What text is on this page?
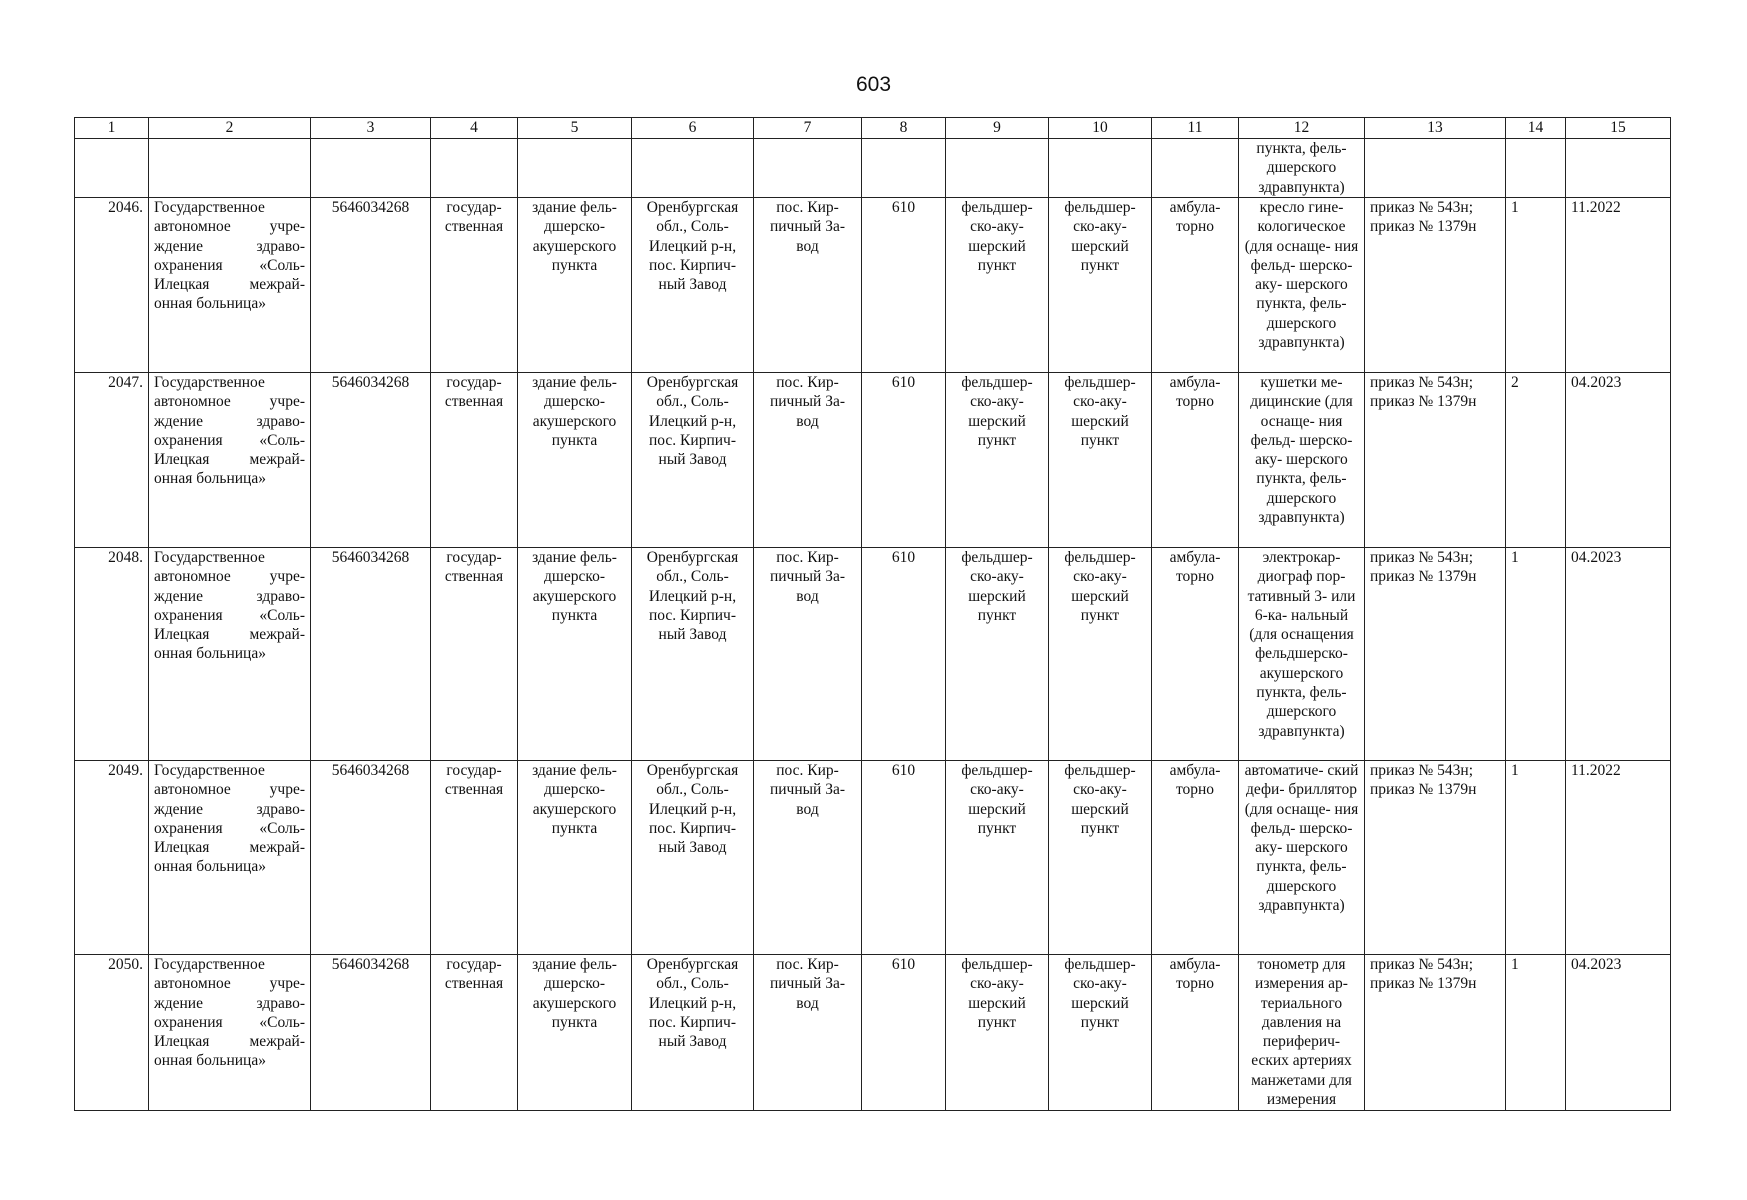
603
1	2	3	4	5	6	7	8	9	10	11	12	13	14	15
											пункта, фель- дшерского здравпункта)			
2046.	Государственное автономное учре-ждение здраво-охранения «Соль-Илецкая межрай-онная больница»	5646034268	государ- ственная	здание фель- дшерско- акушерского пункта	Оренбургская обл., Соль- Илецкий р-н, пос. Кирпич- ный Завод	пос. Кир- пичный За- вод	610	фельдшер- ско-аку- шерский пункт	фельдшер- ско-аку- шерский пункт	амбула- торно	кресло гине- кологическое (для оснаще- ния фельд- шерско-аку- шерского пункта, фель- дшерского здравпункта)	приказ № 543н; приказ № 1379н	1	11.2022
2047.	Государственное автономное учре-ждение здраво-охранения «Соль-Илецкая межрай-онная больница»	5646034268	государ- ственная	здание фель- дшерско- акушерского пункта	Оренбургская обл., Соль- Илецкий р-н, пос. Кирпич- ный Завод	пос. Кир- пичный За- вод	610	фельдшер- ско-аку- шерский пункт	фельдшер- ско-аку- шерский пункт	амбула- торно	кушетки ме- дицинские (для оснаще- ния фельд- шерско-аку- шерского пункта, фель- дшерского здравпункта)	приказ № 543н; приказ № 1379н	2	04.2023
2048.	Государственное автономное учре-ждение здраво-охранения «Соль-Илецкая межрай-онная больница»	5646034268	государ- ственная	здание фель- дшерско- акушерского пункта	Оренбургская обл., Соль- Илецкий р-н, пос. Кирпич- ный Завод	пос. Кир- пичный За- вод	610	фельдшер- ско-аку- шерский пункт	фельдшер- ско-аку- шерский пункт	амбула- торно	электрокар- диограф пор- тативный 3- или 6-ка- нальный (для оснащения фельдшерско- акушерского пункта, фель- дшерского здравпункта)	приказ № 543н; приказ № 1379н	1	04.2023
2049.	Государственное автономное учре-ждение здраво-охранения «Соль-Илецкая межрай-онная больница»	5646034268	государ- ственная	здание фель- дшерско- акушерского пункта	Оренбургская обл., Соль- Илецкий р-н, пос. Кирпич- ный Завод	пос. Кир- пичный За- вод	610	фельдшер- ско-аку- шерский пункт	фельдшер- ско-аку- шерский пункт	амбула- торно	автоматиче- ский дефи- бриллятор (для оснаще- ния фельд- шерско-аку- шерского пункта, фель- дшерского здравпункта)	приказ № 543н; приказ № 1379н	1	11.2022
2050.	Государственное автономное учре-ждение здраво-охранения «Соль-Илецкая межрай-онная больница»	5646034268	государ- ственная	здание фель- дшерско- акушерского пункта	Оренбургская обл., Соль- Илецкий р-н, пос. Кирпич- ный Завод	пос. Кир- пичный За- вод	610	фельдшер- ско-аку- шерский пункт	фельдшер- ско-аку- шерский пункт	амбула- торно	тонометр для измерения ар- териального давления на периферич- еских артериях манжетами для измерения	приказ № 543н; приказ № 1379н	1	04.2023
